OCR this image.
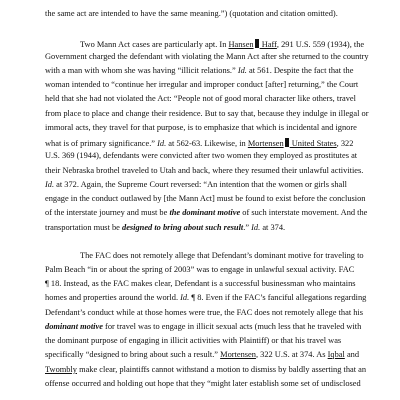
the same act are intended to have the same meaning.”) (quotation and citation omitted).
Two Mann Act cases are particularly apt. In Hansen Haff, 291 U.S. 559 (1934), the
Government charged the defendant with violating the Mann Act after she returned to the country
with a man with whom she was having “illicit relations.” Id. at 561. Despite the fact that the
woman intended to “continue her irregular and improper conduct [after] returning,” the Court
held that she had not violated the Act: “People not of good moral character like others, travel
from place to place and change their residence. But to say that, because they indulge in illegal or
immoral acts, they travel for that purpose, is to emphasize that which is incidental and ignore
what is of primary significance.” Id. at 562-63. Likewise, in Mortensen United States, 322
U.S. 369 (1944), defendants were convicted after two women they employed as prostitutes at
their Nebraska brothel traveled to Utah and back, where they resumed their unlawful activities.
Id. at 372. Again, the Supreme Court reversed: “An intention that the women or girls shall
engage in the conduct outlawed by [the Mann Act] must be found to exist before the conclusion
of the interstate journey and must be the dominant motive of such interstate movement. And the
transportation must be designed to bring about such result.” Id. at 374.
The FAC does not remotely allege that Defendant’s dominant motive for traveling to
Palm Beach “in or about the spring of 2003” was to engage in unlawful sexual activity. FAC
¶ 18. Instead, as the FAC makes clear, Defendant is a successful businessman who maintains
homes and properties around the world. Id. ¶ 8. Even if the FAC’s fanciful allegations regarding
Defendant’s conduct while at those homes were true, the FAC does not remotely allege that his
dominant motive for travel was to engage in illicit sexual acts (much less that he traveled with
the dominant purpose of engaging in illicit activities with Plaintiff) or that his travel was
specifically “designed to bring about such a result.” Mortensen, 322 U.S. at 374. As Iqbal and
Twombly make clear, plaintiffs cannot withstand a motion to dismiss by baldly asserting that an
offense occurred and holding out hope that they “might later establish some set of undisclosed
